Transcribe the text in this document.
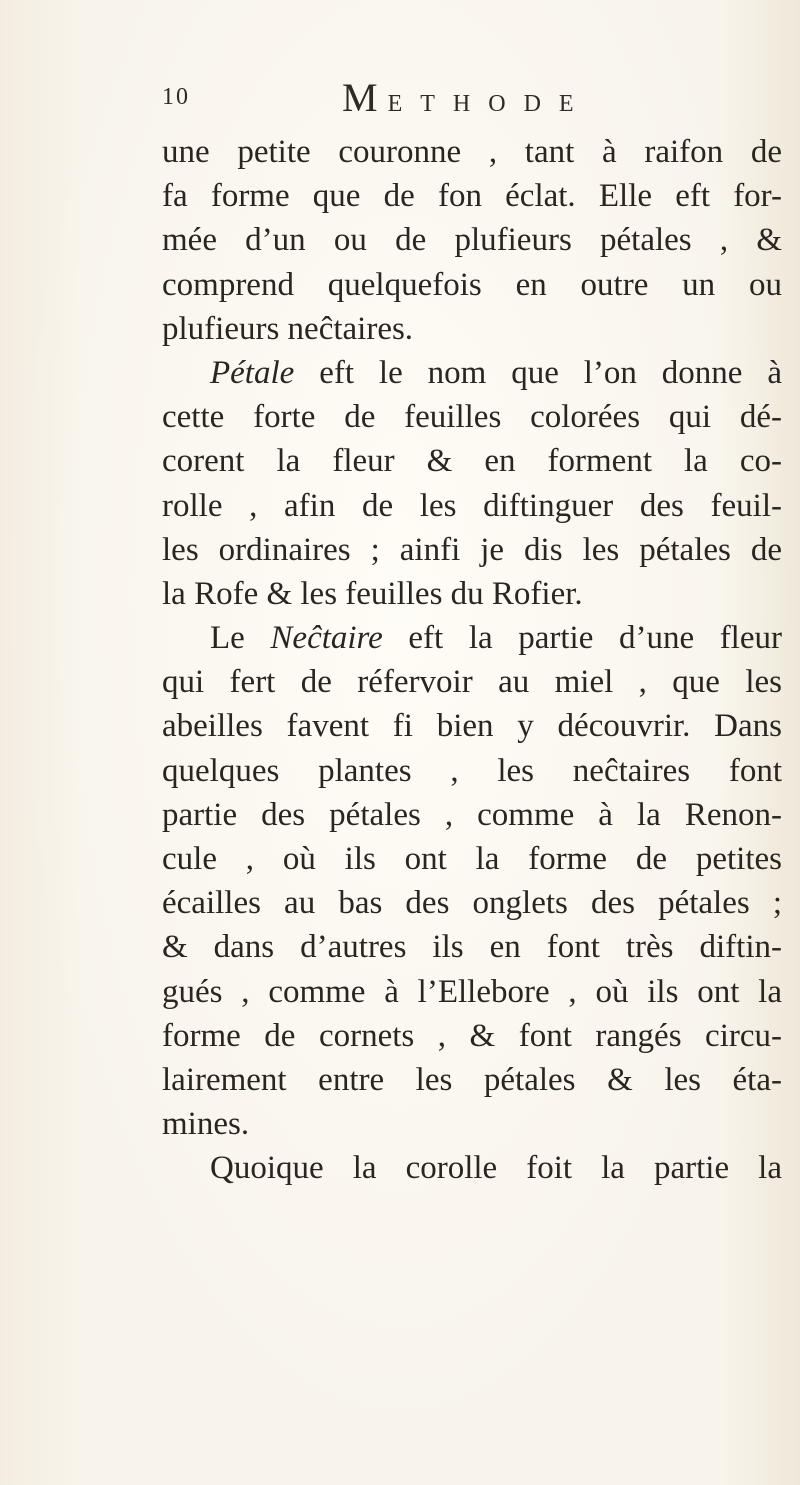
10	METHODE
une petite couronne , tant à raifon de
fa forme que de fon éclat. Elle eft for-
mée d’un ou de plufieurs pétales , &
comprend quelquefois en outre un ou
plufieurs neĉtaires.
Pétale eft le nom que l’on donne à
cette forte de feuilles colorées qui dé-
corent la fleur & en forment la co-
rolle , afin de les diftinguer des feuil-
les ordinaires ; ainfi je dis les pétales de
la Rofe & les feuilles du Rofier.
Le Neĉtaire eft la partie d’une fleur
qui fert de réfervoir au miel , que les
abeilles favent fi bien y découvrir. Dans
quelques plantes , les neĉtaires font
partie des pétales , comme à la Renon-
cule , où ils ont la forme de petites
écailles au bas des onglets des pétales ;
& dans d’autres ils en font très diftin-
gués , comme à l’Ellebore , où ils ont la
forme de cornets , & font rangés circu-
lairement entre les pétales & les éta-
mines.
Quoique la corolle foit la partie la
